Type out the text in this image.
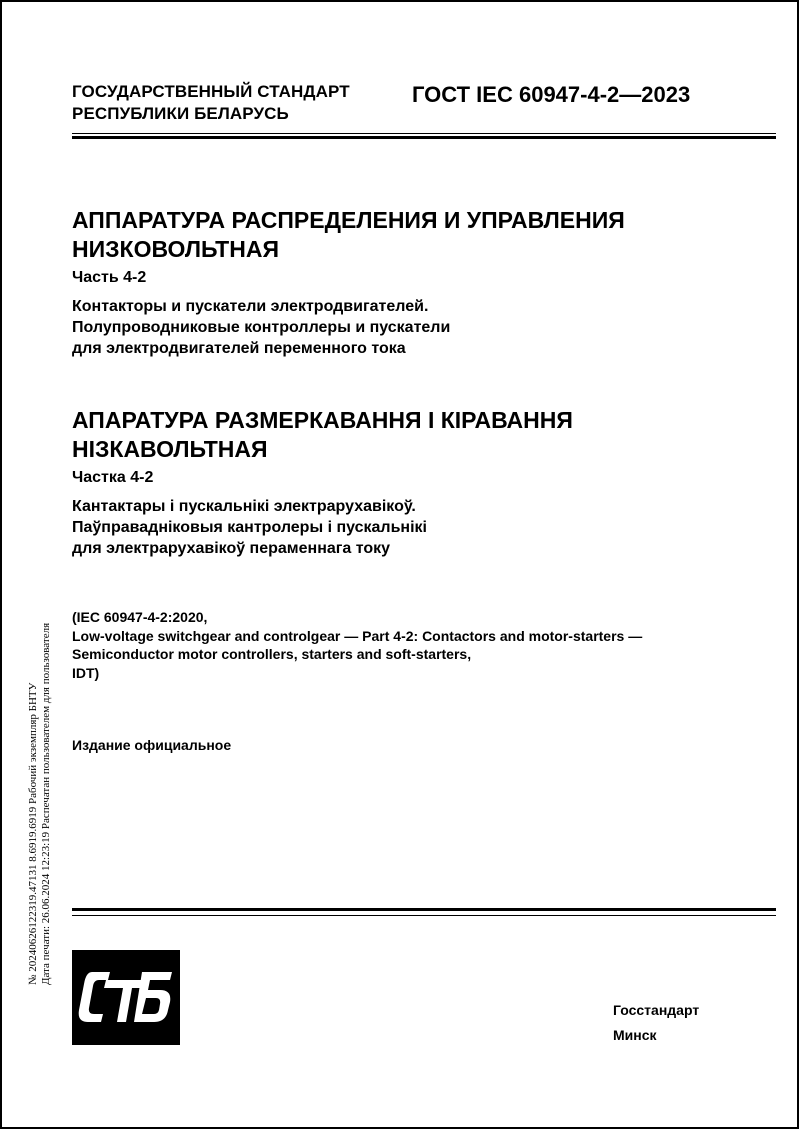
ГОСУДАРСТВЕННЫЙ СТАНДАРТ
РЕСПУБЛИКИ БЕЛАРУСЬ
ГОСТ IEC 60947-4-2—2023
АППАРАТУРА РАСПРЕДЕЛЕНИЯ И УПРАВЛЕНИЯ
НИЗКОВОЛЬТНАЯ
Часть 4-2
Контакторы и пускатели электродвигателей.
Полупроводниковые контроллеры и пускатели
для электродвигателей переменного тока
АПАРАТУРА РАЗМЕРКАВАННЯ І КІРАВАННЯ
НІЗКАВОЛЬТНАЯ
Частка 4-2
Кантактары і пускальнікі электрарухавікоў.
Паўправадніковыя кантролеры і пускальнікі
для электрарухавікоў пераменнага току
(IEC 60947-4-2:2020,
Low-voltage switchgear and controlgear — Part 4-2: Contactors and motor-starters —
Semiconductor motor controllers, starters and soft-starters,
IDT)
Издание официальное
№ 20240626122319.47131 8.6919.6919 Рабочий экземпляр БНТУ Дата печати: 26.06.2024 12:23:19 Распечатан пользователем для пользователя
Госстандарт
Минск
